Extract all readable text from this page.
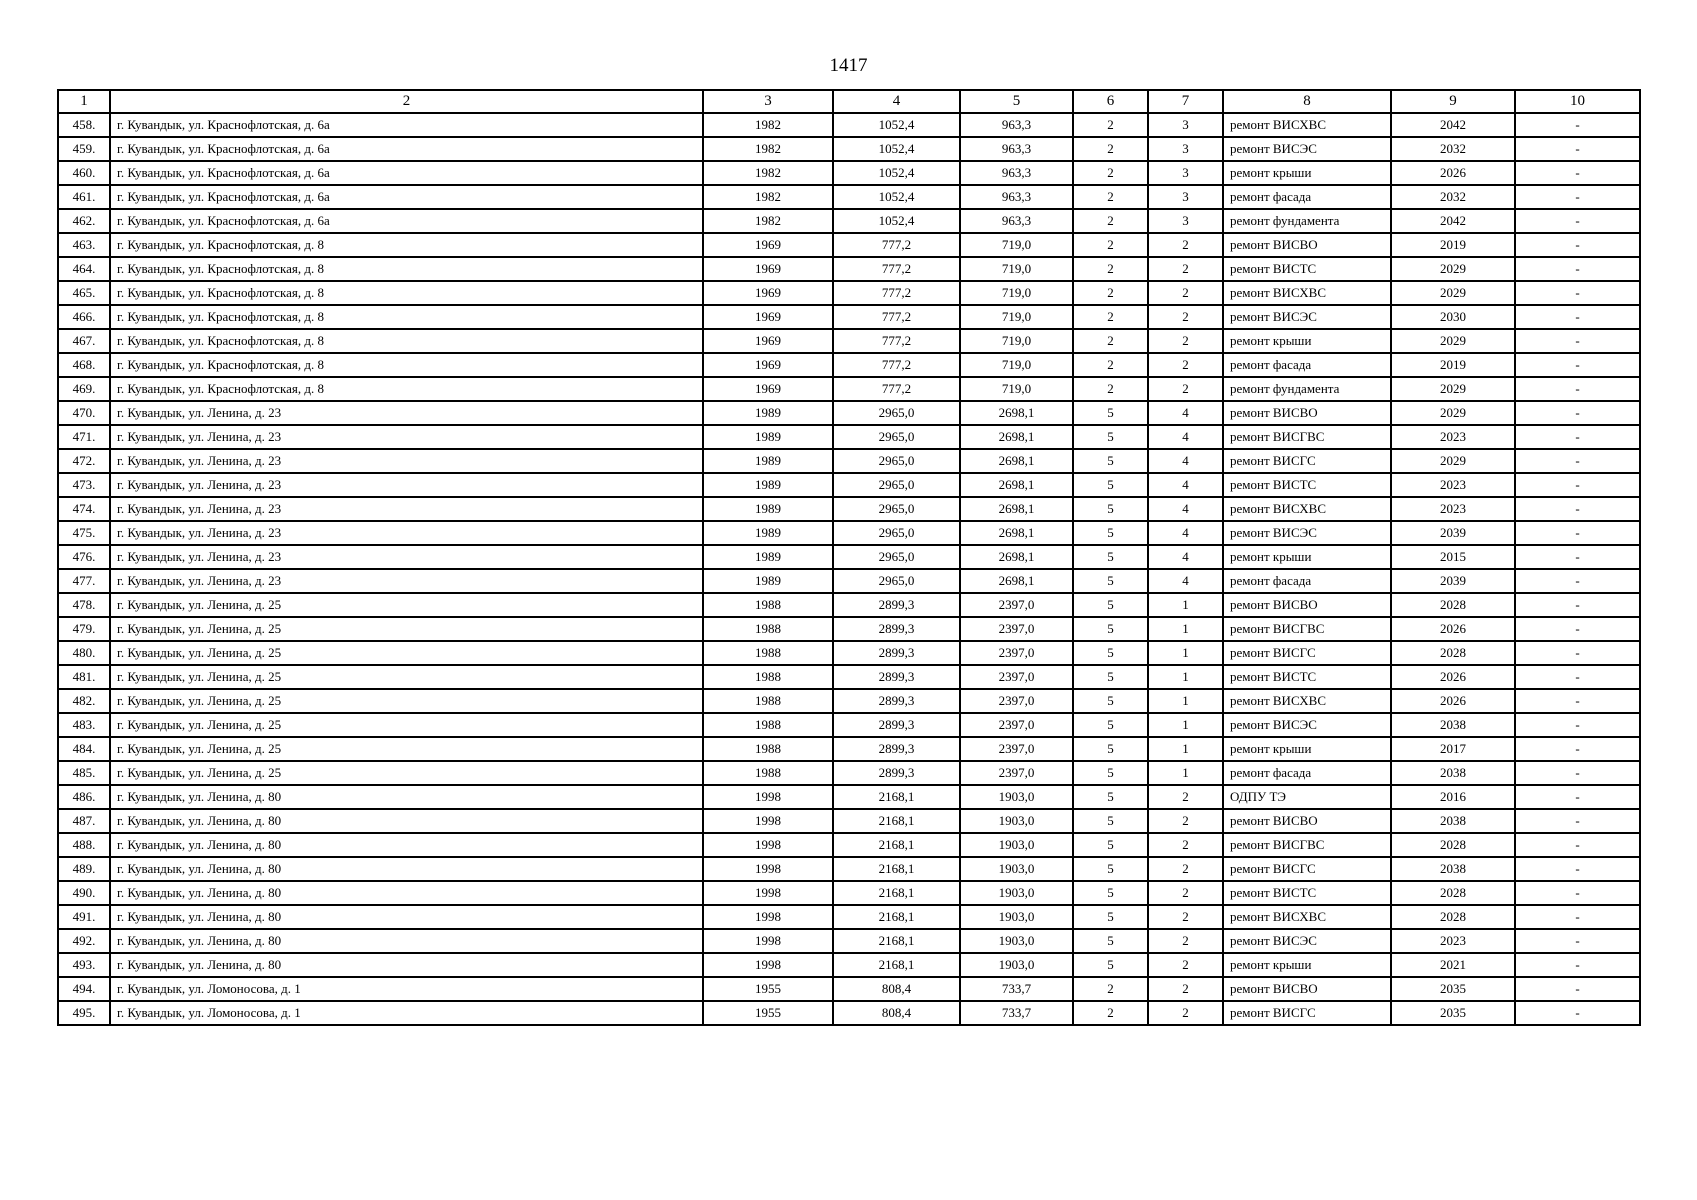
1417
1	2	3	4	5	6	7	8	9	10
458.	г. Кувандык, ул. Краснофлотская, д. 6а	1982	1052,4	963,3	2	3	ремонт ВИСХВС	2042	-
459.	г. Кувандык, ул. Краснофлотская, д. 6а	1982	1052,4	963,3	2	3	ремонт ВИСЭС	2032	-
460.	г. Кувандык, ул. Краснофлотская, д. 6а	1982	1052,4	963,3	2	3	ремонт крыши	2026	-
461.	г. Кувандык, ул. Краснофлотская, д. 6а	1982	1052,4	963,3	2	3	ремонт фасада	2032	-
462.	г. Кувандык, ул. Краснофлотская, д. 6а	1982	1052,4	963,3	2	3	ремонт фундамента	2042	-
463.	г. Кувандык, ул. Краснофлотская, д. 8	1969	777,2	719,0	2	2	ремонт ВИСВО	2019	-
464.	г. Кувандык, ул. Краснофлотская, д. 8	1969	777,2	719,0	2	2	ремонт ВИСТС	2029	-
465.	г. Кувандык, ул. Краснофлотская, д. 8	1969	777,2	719,0	2	2	ремонт ВИСХВС	2029	-
466.	г. Кувандык, ул. Краснофлотская, д. 8	1969	777,2	719,0	2	2	ремонт ВИСЭС	2030	-
467.	г. Кувандык, ул. Краснофлотская, д. 8	1969	777,2	719,0	2	2	ремонт крыши	2029	-
468.	г. Кувандык, ул. Краснофлотская, д. 8	1969	777,2	719,0	2	2	ремонт фасада	2019	-
469.	г. Кувандык, ул. Краснофлотская, д. 8	1969	777,2	719,0	2	2	ремонт фундамента	2029	-
470.	г. Кувандык, ул. Ленина, д. 23	1989	2965,0	2698,1	5	4	ремонт ВИСВО	2029	-
471.	г. Кувандык, ул. Ленина, д. 23	1989	2965,0	2698,1	5	4	ремонт ВИСГВС	2023	-
472.	г. Кувандык, ул. Ленина, д. 23	1989	2965,0	2698,1	5	4	ремонт ВИСГС	2029	-
473.	г. Кувандык, ул. Ленина, д. 23	1989	2965,0	2698,1	5	4	ремонт ВИСТС	2023	-
474.	г. Кувандык, ул. Ленина, д. 23	1989	2965,0	2698,1	5	4	ремонт ВИСХВС	2023	-
475.	г. Кувандык, ул. Ленина, д. 23	1989	2965,0	2698,1	5	4	ремонт ВИСЭС	2039	-
476.	г. Кувандык, ул. Ленина, д. 23	1989	2965,0	2698,1	5	4	ремонт крыши	2015	-
477.	г. Кувандык, ул. Ленина, д. 23	1989	2965,0	2698,1	5	4	ремонт фасада	2039	-
478.	г. Кувандык, ул. Ленина, д. 25	1988	2899,3	2397,0	5	1	ремонт ВИСВО	2028	-
479.	г. Кувандык, ул. Ленина, д. 25	1988	2899,3	2397,0	5	1	ремонт ВИСГВС	2026	-
480.	г. Кувандык, ул. Ленина, д. 25	1988	2899,3	2397,0	5	1	ремонт ВИСГС	2028	-
481.	г. Кувандык, ул. Ленина, д. 25	1988	2899,3	2397,0	5	1	ремонт ВИСТС	2026	-
482.	г. Кувандык, ул. Ленина, д. 25	1988	2899,3	2397,0	5	1	ремонт ВИСХВС	2026	-
483.	г. Кувандык, ул. Ленина, д. 25	1988	2899,3	2397,0	5	1	ремонт ВИСЭС	2038	-
484.	г. Кувандык, ул. Ленина, д. 25	1988	2899,3	2397,0	5	1	ремонт крыши	2017	-
485.	г. Кувандык, ул. Ленина, д. 25	1988	2899,3	2397,0	5	1	ремонт фасада	2038	-
486.	г. Кувандык, ул. Ленина, д. 80	1998	2168,1	1903,0	5	2	ОДПУ ТЭ	2016	-
487.	г. Кувандык, ул. Ленина, д. 80	1998	2168,1	1903,0	5	2	ремонт ВИСВО	2038	-
488.	г. Кувандык, ул. Ленина, д. 80	1998	2168,1	1903,0	5	2	ремонт ВИСГВС	2028	-
489.	г. Кувандык, ул. Ленина, д. 80	1998	2168,1	1903,0	5	2	ремонт ВИСГС	2038	-
490.	г. Кувандык, ул. Ленина, д. 80	1998	2168,1	1903,0	5	2	ремонт ВИСТС	2028	-
491.	г. Кувандык, ул. Ленина, д. 80	1998	2168,1	1903,0	5	2	ремонт ВИСХВС	2028	-
492.	г. Кувандык, ул. Ленина, д. 80	1998	2168,1	1903,0	5	2	ремонт ВИСЭС	2023	-
493.	г. Кувандык, ул. Ленина, д. 80	1998	2168,1	1903,0	5	2	ремонт крыши	2021	-
494.	г. Кувандык, ул. Ломоносова, д. 1	1955	808,4	733,7	2	2	ремонт ВИСВО	2035	-
495.	г. Кувандык, ул. Ломоносова, д. 1	1955	808,4	733,7	2	2	ремонт ВИСГС	2035	-
